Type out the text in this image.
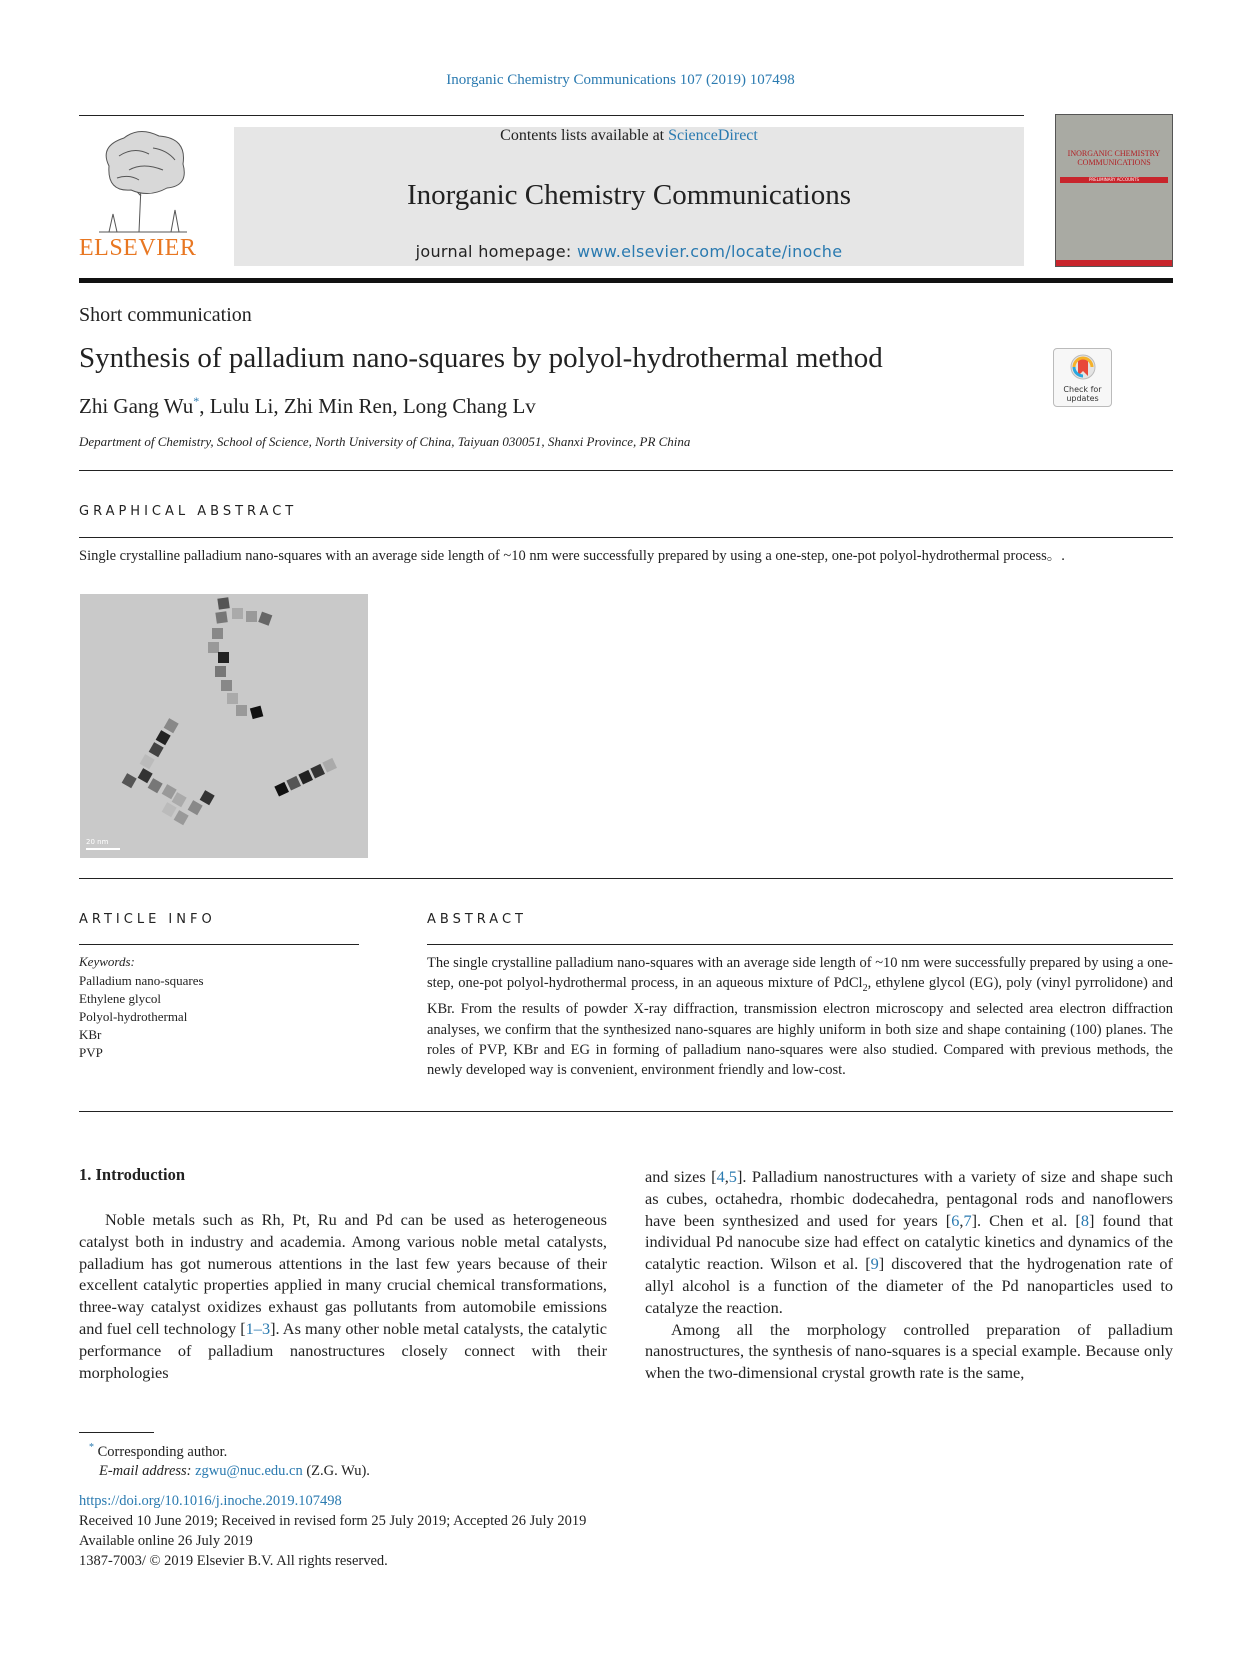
Inorganic Chemistry Communications 107 (2019) 107498
ELSEVIER
Contents lists available at ScienceDirect
Inorganic Chemistry Communications
journal homepage: www.elsevier.com/locate/inoche
INORGANIC CHEMISTRY COMMUNICATIONS
PRELIMINARY ACCOUNTS
Short communication
Synthesis of palladium nano-squares by polyol-hydrothermal method
Zhi Gang Wu*, Lulu Li, Zhi Min Ren, Long Chang Lv
Department of Chemistry, School of Science, North University of China, Taiyuan 030051, Shanxi Province, PR China
Check for updates
GRAPHICAL ABSTRACT
Single crystalline palladium nano-squares with an average side length of ~10 nm were successfully prepared by using a one-step, one-pot polyol-hydrothermal process。.
20 nm
ARTICLE INFO
Keywords:
Palladium nano-squares
Ethylene glycol
Polyol-hydrothermal
KBr
PVP
ABSTRACT
The single crystalline palladium nano-squares with an average side length of ~10 nm were successfully prepared by using a one-step, one-pot polyol-hydrothermal process, in an aqueous mixture of PdCl$_2$, ethylene glycol (EG), poly (vinyl pyrrolidone) and KBr. From the results of powder X-ray diffraction, transmission electron microscopy and selected area electron diffraction analyses, we confirm that the synthesized nano-squares are highly uniform in both size and shape containing (100) planes. The roles of PVP, KBr and EG in forming of palladium nano-squares were also studied. Compared with previous methods, the newly developed way is convenient, environment friendly and low-cost.
1. Introduction
Noble metals such as Rh, Pt, Ru and Pd can be used as heterogeneous catalyst both in industry and academia. Among various noble metal catalysts, palladium has got numerous attentions in the last few years because of their excellent catalytic properties applied in many crucial chemical transformations, three-way catalyst oxidizes exhaust gas pollutants from automobile emissions and fuel cell technology [1–3]. As many other noble metal catalysts, the catalytic performance of palladium nanostructures closely connect with their morphologies
and sizes [4,5]. Palladium nanostructures with a variety of size and shape such as cubes, octahedra, rhombic dodecahedra, pentagonal rods and nanoflowers have been synthesized and used for years [6,7]. Chen et al. [8] found that individual Pd nanocube size had effect on catalytic kinetics and dynamics of the catalytic reaction. Wilson et al. [9] discovered that the hydrogenation rate of allyl alcohol is a function of the diameter of the Pd nanoparticles used to catalyze the reaction.
Among all the morphology controlled preparation of palladium nanostructures, the synthesis of nano-squares is a special example. Because only when the two-dimensional crystal growth rate is the same,
* Corresponding author.
E-mail address: zgwu@nuc.edu.cn (Z.G. Wu).
https://doi.org/10.1016/j.inoche.2019.107498
Received 10 June 2019; Received in revised form 25 July 2019; Accepted 26 July 2019
Available online 26 July 2019
1387-7003/ © 2019 Elsevier B.V. All rights reserved.
